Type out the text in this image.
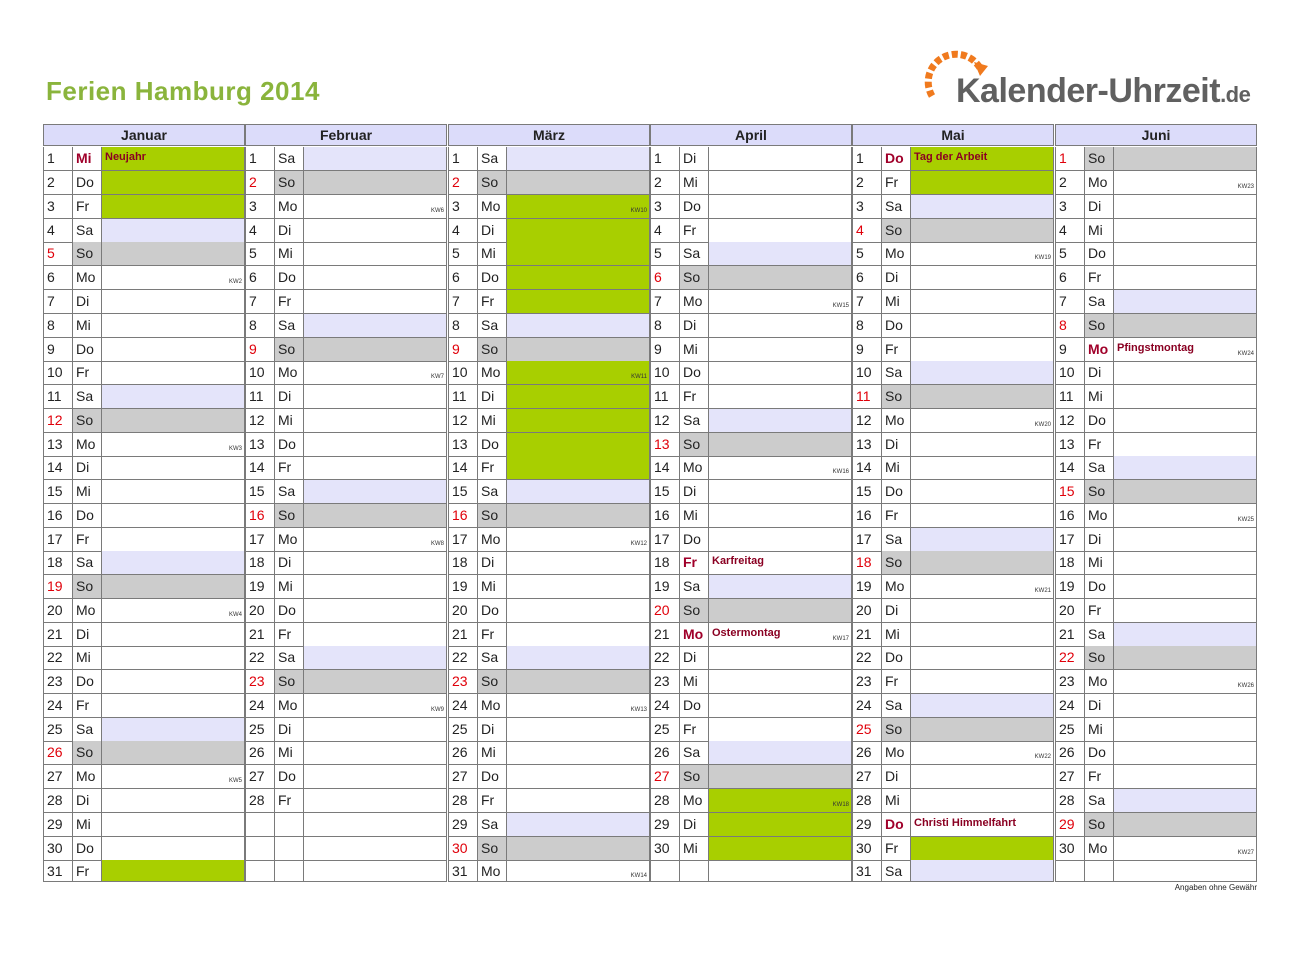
Ferien Hamburg 2014	Kalender-Uhrzeit.de
Januar
1	Mi	Neujahr
2	Do
3	Fr
4	Sa
5	So
6	Mo	KW2
7	Di
8	Mi
9	Do
10 Fr
11	Sa
12 So
13 Mo	KW3
14 Di
15 Mi
16 Do
17 Fr
18 Sa
19 So
20 Mo	KW4
21 Di
22 Mi
23 Do
24 Fr
25 Sa
26 So
27 Mo	KW5
28 Di
29 Mi
30 Do
31 Fr
Februar
1	Sa
2	So
3	Mo	KW6
4	Di
5	Mi
6	Do
7	Fr
8	Sa
9	So
10 Mo	KW7
11	Di
12 Mi
13 Do
14 Fr
15 Sa
16 So
17 Mo	KW8
18 Di
19 Mi
20 Do
21 Fr
22 Sa
23 So
24 Mo	KW9
25 Di
26 Mi
27 Do
28 Fr
März
1	Sa
2	So
3	Mo	KW10
4	Di
5	Mi
6	Do
7	Fr
8	Sa
9	So
10 Mo	KW11
11	Di
12 Mi
13 Do
14 Fr
15 Sa
16 So
17 Mo	KW12
18 Di
19 Mi
20 Do
21 Fr
22 Sa
23 So
24 Mo	KW13
25 Di
26 Mi
27 Do
28 Fr
29 Sa
30 So
31 Mo	KW14
April
1	Di
2	Mi
3	Do
4	Fr
5	Sa
6	So
7	Mo	KW15
8	Di
9	Mi
10 Do
11	Fr
12 Sa
13 So
14 Mo	KW16
15 Di
16 Mi
17 Do
18 Fr	Karfreitag
19 Sa
20 So
21 Mo Ostermontag	KW17
22 Di
23 Mi
24 Do
25 Fr
26 Sa
27 So
28 Mo	KW18
29 Di
30 Mi
Mai
1	Do Tag der Arbeit
2	Fr
3	Sa
4	So
5	Mo	KW19
6	Di
7	Mi
8	Do
9	Fr
10 Sa
11	So
12 Mo	KW20
13 Di
14 Mi
15 Do
16 Fr
17 Sa
18 So
19 Mo	KW21
20 Di
21 Mi
22 Do
23 Fr
24 Sa
25 So
26 Mo	KW22
27 Di
28 Mi
29 Do Christi Himmelfahrt
30 Fr
31 Sa
Juni
1	So
2	Mo	KW23
3	Di
4	Mi
5	Do
6	Fr
7	Sa
8	So
9	Mo Pfingstmontag	KW24
10 Di
11	Mi
12 Do
13 Fr
14 Sa
15 So
16 Mo	KW25
17 Di
18 Mi
19 Do
20 Fr
21 Sa
22 So
23 Mo	KW26
24 Di
25 Mi
26 Do
27 Fr
28 Sa
29 So
30 Mo	KW27
Angaben ohne Gewähr
